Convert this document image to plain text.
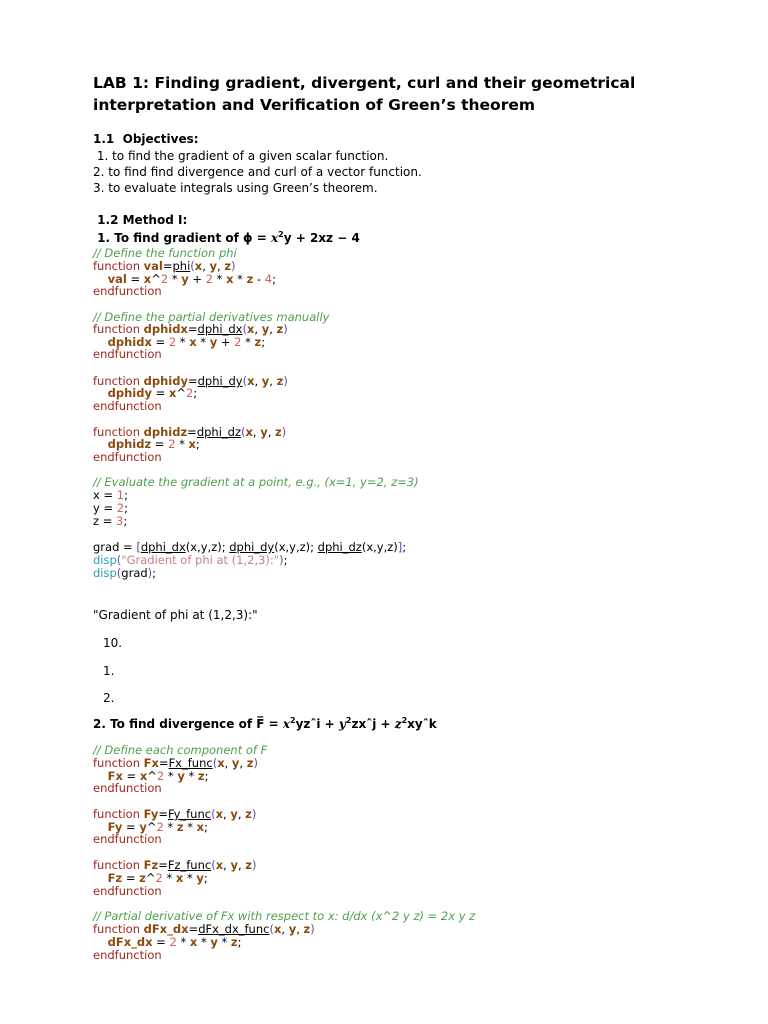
LAB 1: Finding gradient, divergent, curl and their geometrical interpretation and Verification of Green’s theorem
1.1  Objectives:
1. to find the gradient of a given scalar function.
2. to find find divergence and curl of a vector function.
3. to evaluate integrals using Green’s theorem.
1.2 Method I:
1. To find gradient of ɸ = $x^2y + 2xz - 4$
// Define the function phi
function val=phi(x, y, z)
val = x^2 * y + 2 * x * z - 4;
endfunction
// Define the partial derivatives manually
function dphidx=dphi_dx(x, y, z)
dphidx = 2 * x * y + 2 * z;
endfunction
function dphidy=dphi_dy(x, y, z)
dphidy = x^2;
endfunction
function dphidz=dphi_dz(x, y, z)
dphidz = 2 * x;
endfunction
// Evaluate the gradient at a point, e.g., (x=1, y=2, z=3)
x = 1;
y = 2;
z = 3;
grad = [dphi_dx(x,y,z); dphi_dy(x,y,z); dphi_dz(x,y,z)];
disp("Gradient of phi at (1,2,3):");
disp(grad);
"Gradient of phi at (1,2,3):"
10.
1.
2.
2. To find divergence of F̅ = $x^2yzˆi$ + $y^2zxˆj$ + $z^2xyˆk$
// Define each component of F
function Fx=Fx_func(x, y, z)
Fx = x^2 * y * z;
endfunction
function Fy=Fy_func(x, y, z)
Fy = y^2 * z * x;
endfunction
function Fz=Fz_func(x, y, z)
Fz = z^2 * x * y;
endfunction
// Partial derivative of Fx with respect to x: d/dx (x^2 y z) = 2x y z
function dFx_dx=dFx_dx_func(x, y, z)
dFx_dx = 2 * x * y * z;
endfunction
